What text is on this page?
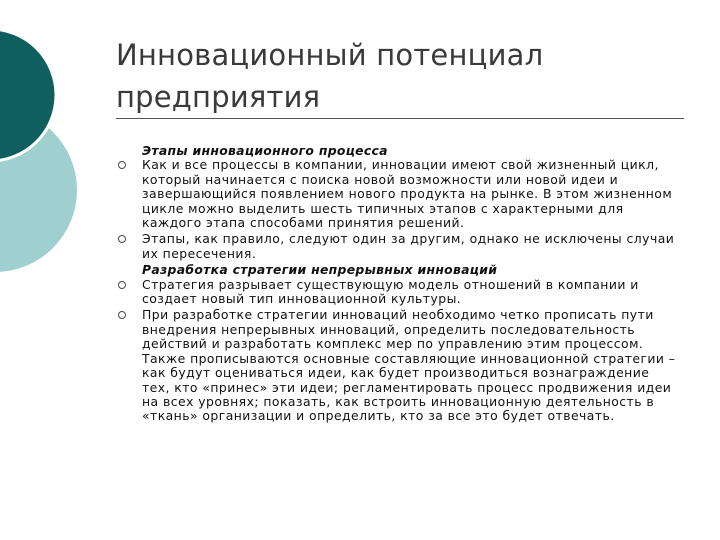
Инновационный потенциал предприятия
Этапы инновационного процесса
Как и все процессы в компании, инновации имеют свой жизненный цикл, который начинается с поиска новой возможности или новой идеи и завершающийся появлением нового продукта на рынке. В этом жизненном цикле можно выделить шесть типичных этапов с характерными для каждого этапа способами принятия решений.
Этапы, как правило, следуют один за другим, однако не исключены случаи их пересечения.
Разработка стратегии непрерывных инноваций
Стратегия разрывает существующую модель отношений в компании и создает новый тип инновационной культуры.
При разработке стратегии инноваций необходимо четко прописать пути внедрения непрерывных инноваций, определить последовательность действий и разработать комплекс мер по управлению этим процессом. Также прописываются основные составляющие инновационной стратегии – как будут оцениваться идеи, как будет производиться вознаграждение тех, кто «принес» эти идеи; регламентировать процесс продвижения идеи на всех уровнях; показать, как встроить инновационную деятельность в «ткань» организации и определить, кто за все это будет отвечать.
